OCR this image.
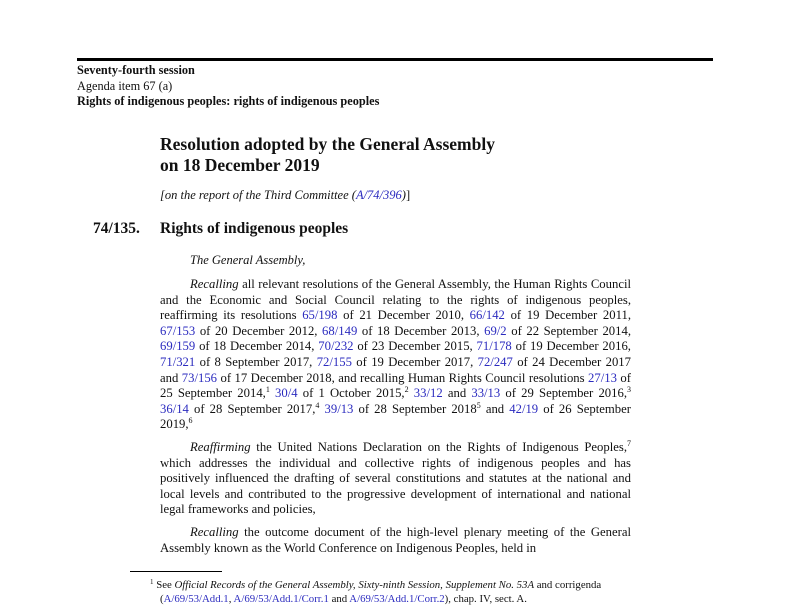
Seventy-fourth session
Agenda item 67 (a)
Rights of indigenous peoples: rights of indigenous peoples
Resolution adopted by the General Assembly
on 18 December 2019
[on the report of the Third Committee (A/74/396)]
74/135. Rights of indigenous peoples
The General Assembly,
Recalling all relevant resolutions of the General Assembly, the Human Rights Council and the Economic and Social Council relating to the rights of indigenous peoples, reaffirming its resolutions 65/198 of 21 December 2010, 66/142 of 19 December 2011, 67/153 of 20 December 2012, 68/149 of 18 December 2013, 69/2 of 22 September 2014, 69/159 of 18 December 2014, 70/232 of 23 December 2015, 71/178 of 19 December 2016, 71/321 of 8 September 2017, 72/155 of 19 December 2017, 72/247 of 24 December 2017 and 73/156 of 17 December 2018, and recalling Human Rights Council resolutions 27/13 of 25 September 2014,$^1$ 30/4 of 1 October 2015,$^2$ 33/12 and 33/13 of 29 September 2016,$^3$ 36/14 of 28 September 2017,$^4$ 39/13 of 28 September 2018$^5$ and 42/19 of 26 September 2019,$^6$
Reaffirming the United Nations Declaration on the Rights of Indigenous Peoples,$^7$ which addresses the individual and collective rights of indigenous peoples and has positively influenced the drafting of several constitutions and statutes at the national and local levels and contributed to the progressive development of international and national legal frameworks and policies,
Recalling the outcome document of the high-level plenary meeting of the General Assembly known as the World Conference on Indigenous Peoples, held in
$^1$ See Official Records of the General Assembly, Sixty-ninth Session, Supplement No. 53A and corrigenda (A/69/53/Add.1, A/69/53/Add.1/Corr.1 and A/69/53/Add.1/Corr.2), chap. IV, sect. A.
